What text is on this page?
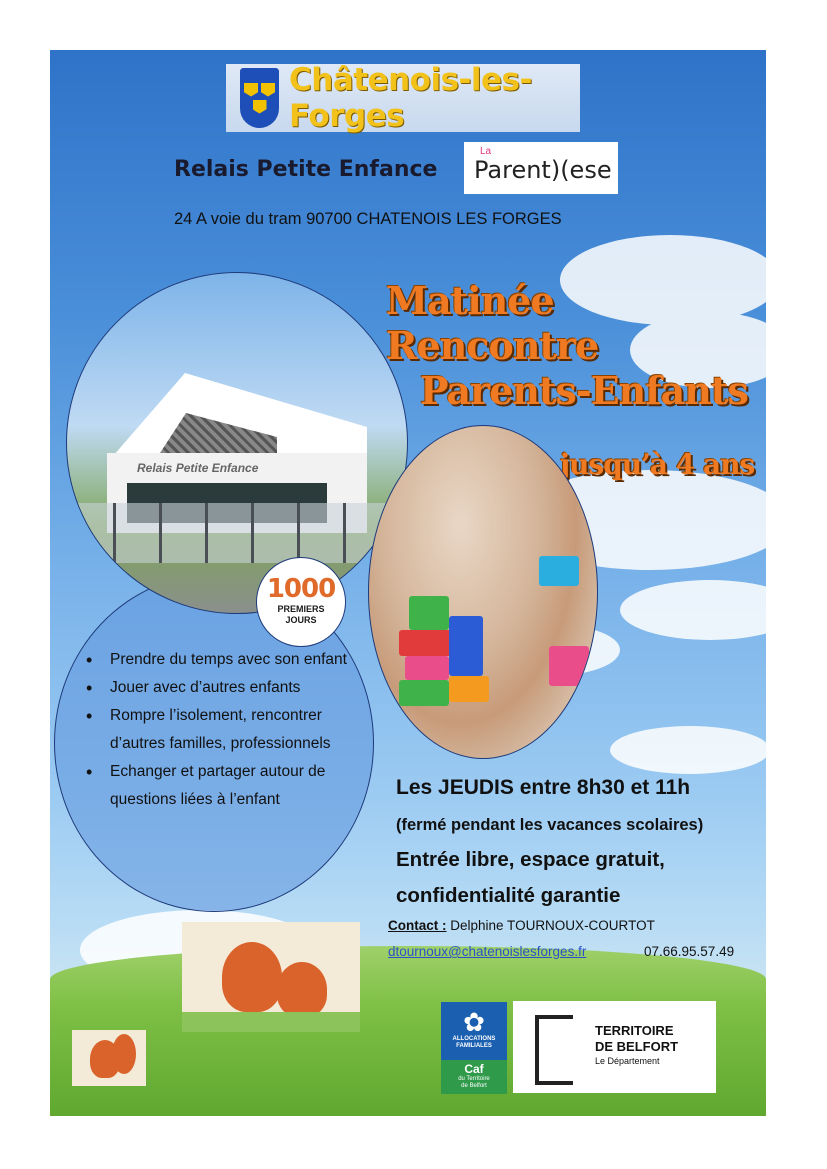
Châtenois-les-Forges
Relais Petite Enfance
La
Parent)(ese
24 A voie du tram 90700 CHATENOIS LES FORGES
Matinée Rencontre
Parents-Enfants
jusqu’à 4 ans
Relais Petite Enfance
1000
PREMIERS
JOURS
• Prendre du temps avec son enfant
• Jouer avec d’autres enfants
• Rompre l’isolement, rencontrer d’autres familles, professionnels
• Echanger et partager autour de questions liées à l’enfant
Les JEUDIS entre 8h30 et 11h
(fermé pendant les vacances scolaires)
Entrée libre, espace gratuit,
confidentialité garantie
Contact : Delphine TOURNOUX-COURTOT
dtournoux@chatenoislesforges.fr	07.66.95.57.49
✿
ALLOCATIONS
FAMILIALES
Caf
du Territoire
de Belfort
TERRITOIRE
DE BELFORT
Le Département
